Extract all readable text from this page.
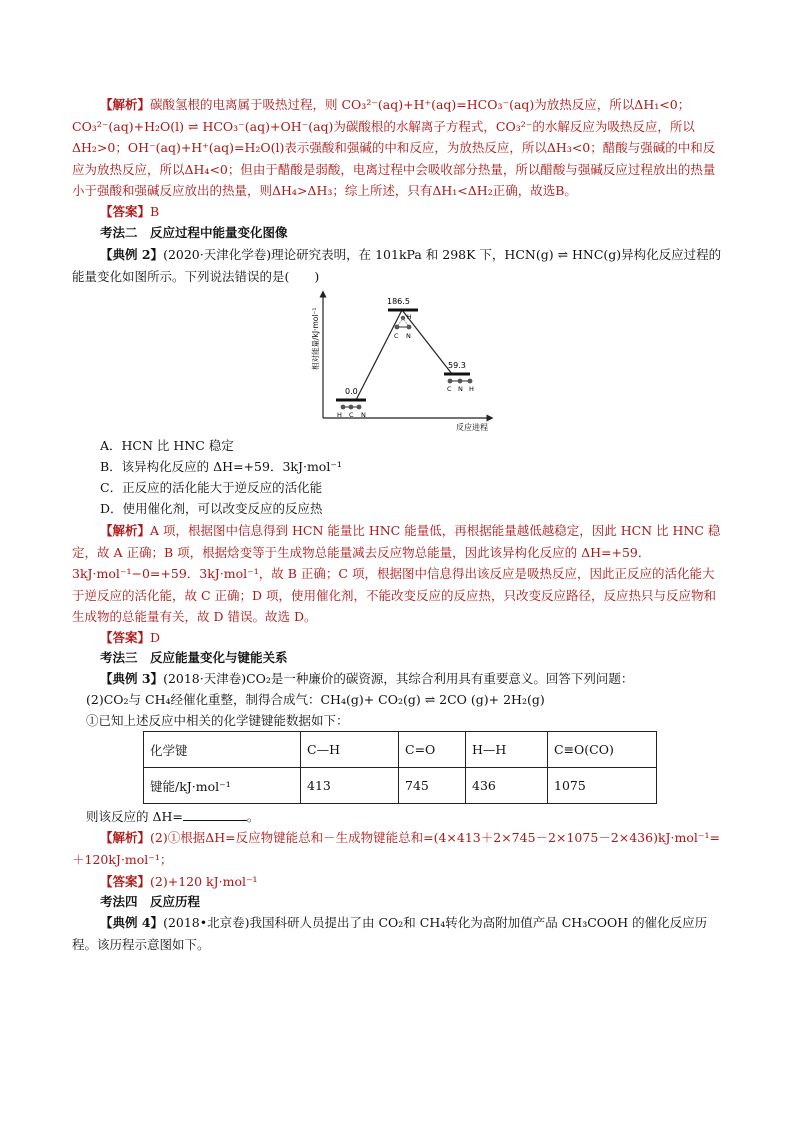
【解析】碳酸氢根的电离属于吸热过程，则 CO₃²⁻(aq)+H⁺(aq)=HCO₃⁻(aq)为放热反应，所以ΔH₁<0；CO₃²⁻(aq)+H₂O(l) ⇌ HCO₃⁻(aq)+OH⁻(aq)为碳酸根的水解离子方程式，CO₃²⁻的水解反应为吸热反应，所以ΔH₂>0；OH⁻(aq)+H⁺(aq)=H₂O(l)表示强酸和强碱的中和反应，为放热反应，所以ΔH₃<0；醋酸与强碱的中和反应为放热反应，所以ΔH₄<0；但由于醋酸是弱酸，电离过程中会吸收部分热量，所以醋酸与强碱反应过程放出的热量小于强酸和强碱反应放出的热量，则ΔH₄>ΔH₃；综上所述，只有ΔH₁<ΔH₂正确，故选B。

【答案】B

考法二　反应过程中能量变化图像

【典例 2】(2020·天津化学卷)理论研究表明，在 101kPa 和 298K 下，HCN(g) ⇌ HNC(g)异构化反应过程的能量变化如图所示。下列说法错误的是(　　)

相对能量/kJ·mol⁻¹
反应进程
0.0
H C N
186.5
H
C N
59.3
C N H

A．HCN 比 HNC 稳定

B．该异构化反应的 ΔH=+59．3kJ·mol⁻¹

C．正反应的活化能大于逆反应的活化能

D．使用催化剂，可以改变反应的反应热

【解析】A 项，根据图中信息得到 HCN 能量比 HNC 能量低，再根据能量越低越稳定，因此 HCN 比 HNC 稳定，故 A 正确；B 项，根据焓变等于生成物总能量减去反应物总能量，因此该异构化反应的 ΔH=+59．3kJ·mol⁻¹−0=+59．3kJ·mol⁻¹，故 B 正确；C 项，根据图中信息得出该反应是吸热反应，因此正反应的活化能大于逆反应的活化能，故 C 正确；D 项，使用催化剂，不能改变反应的反应热，只改变反应路径，反应热只与反应物和生成物的总能量有关，故 D 错误。故选 D。

【答案】D

考法三　反应能量变化与键能关系

【典例 3】(2018·天津卷)CO₂是一种廉价的碳资源，其综合利用具有重要意义。回答下列问题：

(2)CO₂与 CH₄经催化重整，制得合成气：CH₄(g)+ CO₂(g) ⇌ 2CO (g)+ 2H₂(g)

①已知上述反应中相关的化学键键能数据如下：

化学键	C—H	C=O	H—H	C≡O(CO)
键能/kJ·mol⁻¹	413	745	436	1075

则该反应的 ΔH=	。

【解析】(2)①根据ΔH=反应物键能总和－生成物键能总和=(4×413＋2×745－2×1075－2×436)kJ·mol⁻¹=＋120kJ·mol⁻¹；

【答案】(2)+120 kJ·mol⁻¹

考法四　反应历程

【典例 4】(2018•北京卷)我国科研人员提出了由 CO₂和 CH₄转化为高附加值产品 CH₃COOH 的催化反应历程。该历程示意图如下。
